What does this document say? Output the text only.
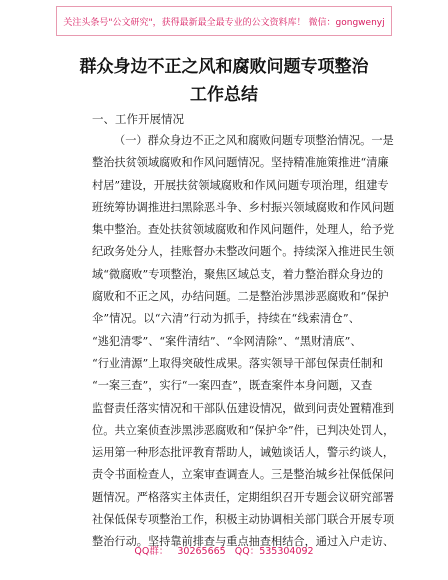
关注头条号"公文研究"，获得最新最全最专业的公文资料库！ 微信：gongwenyj
群众身边不正之风和腐败问题专项整治
工作总结
一、工作开展情况
（一）群众身边不正之风和腐败问题专项整治情况。一是
整治扶贫领域腐败和作风问题情况。坚持精准施策推进“清廉
村居”建设，开展扶贫领域腐败和作风问题专项治理，组建专
班统筹协调推进扫黑除恶斗争、乡村振兴领域腐败和作风问题
集中整治。查处扶贫领域腐败和作风问题件，处理人，给予党
纪政务处分人，挂账督办未整改问题个。持续深入推进民生领
域“微腐败”专项整治，聚焦区域总支，着力整治群众身边的
腐败和不正之风，办结问题。二是整治涉黑涉恶腐败和“保护
伞”情况。以“六清”行动为抓手，持续在“线索清仓”、
“逃犯清零”、“案件清结”、“伞网清除”、“黑财清底”、
“行业清源”上取得突破性成果。落实领导干部包保责任制和
“一案三查”，实行“一案四查”，既查案件本身问题，又查
监督责任落实情况和干部队伍建设情况，做到问责处置精准到
位。共立案侦查涉黑涉恶腐败和“保护伞”件，已判决处罚人，
运用第一种形态批评教育帮助人，诫勉谈话人，警示约谈人，
责令书面检查人，立案审查调查人。三是整治城乡社保低保问
题情况。严格落实主体责任，定期组织召开专题会议研究部署
社保低保专项整治工作，积极主动协调相关部门联合开展专项
整治行动。坚持靠前排查与重点抽查相结合，通过入户走访、
QQ群： 30265665 QQ：535304092
